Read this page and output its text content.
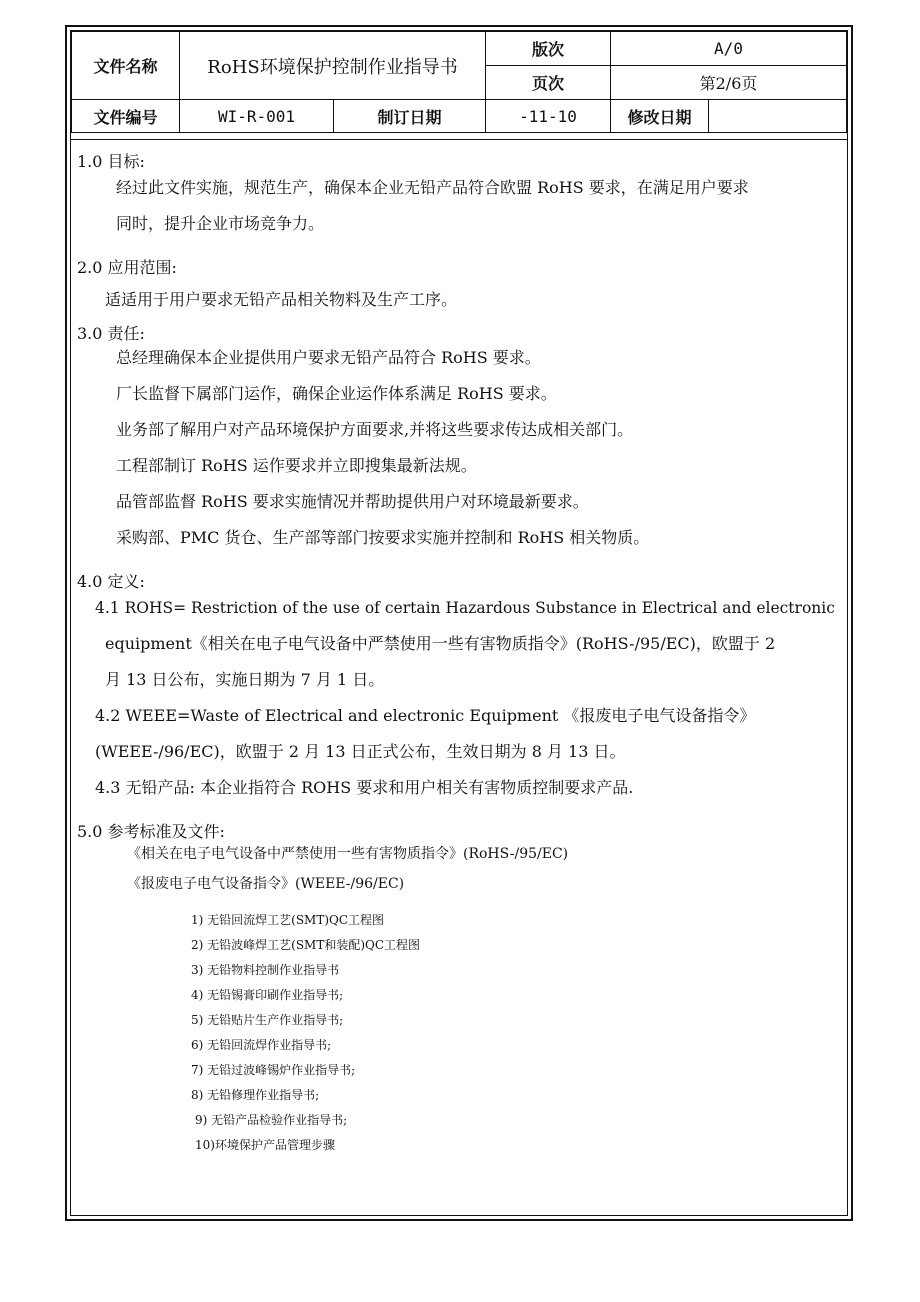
文件名称	RoHS环境保护控制作业指导书		版次	A/0	
			页次	第2/6页	
文件编号	WI-R-001	制订日期	-11-10	修改日期	
1.0 目标:
经过此文件实施，规范生产，确保本企业无铅产品符合欧盟 RoHS 要求，在满足用户要求
同时，提升企业市场竞争力。
2.0 应用范围:
适适用于用户要求无铅产品相关物料及生产工序。
3.0 责任:
总经理确保本企业提供用户要求无铅产品符合 RoHS 要求。
厂长监督下属部门运作，确保企业运作体系满足 RoHS 要求。
业务部了解用户对产品环境保护方面要求,并将这些要求传达成相关部门。
工程部制订 RoHS 运作要求并立即搜集最新法规。
品管部监督 RoHS 要求实施情况并帮助提供用户对环境最新要求。
采购部、PMC 货仓、生产部等部门按要求实施并控制和 RoHS 相关物质。
4.0 定义:
4.1 ROHS= Restriction of the use of certain Hazardous Substance in Electrical and electronic
equipment《相关在电子电气设备中严禁使用一些有害物质指令》(RoHS-/95/EC)，欧盟于 2
月 13 日公布，实施日期为 7 月 1 日。
4.2 WEEE=Waste of Electrical and electronic Equipment 《报废电子电气设备指令》
(WEEE-/96/EC)，欧盟于 2 月 13 日正式公布，生效日期为 8 月 13 日。
4.3 无铅产品: 本企业指符合 ROHS 要求和用户相关有害物质控制要求产品.
5.0 参考标准及文件:
《相关在电子电气设备中严禁使用一些有害物质指令》(RoHS-/95/EC)
《报废电子电气设备指令》(WEEE-/96/EC)
1) 无铅回流焊工艺(SMT)QC工程图
2) 无铅波峰焊工艺(SMT和装配)QC工程图
3) 无铅物料控制作业指导书
4) 无铅锡膏印刷作业指导书;
5) 无铅贴片生产作业指导书;
6) 无铅回流焊作业指导书;
7) 无铅过波峰锡炉作业指导书;
8) 无铅修理作业指导书;
9) 无铅产品检验作业指导书;
10)环境保护产品管理步骤
